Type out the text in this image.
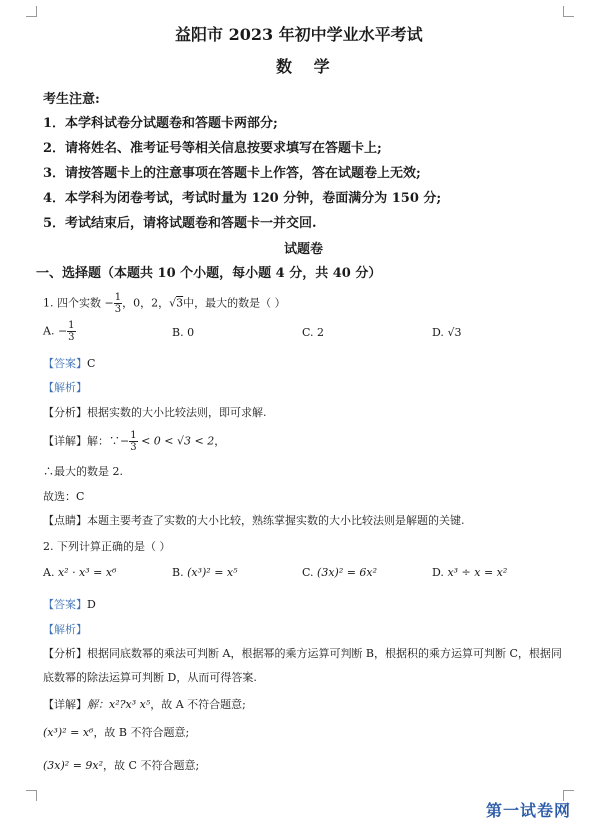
益阳市 2023 年初中学业水平考试
数 学
考生注意:
1．本学科试卷分试题卷和答题卡两部分;
2．请将姓名、准考证号等相关信息按要求填写在答题卡上;
3．请按答题卡上的注意事项在答题卡上作答，答在试题卷上无效;
4．本学科为闭卷考试，考试时量为 120 分钟，卷面满分为 150 分;
5．考试结束后，请将试题卷和答题卡一并交回.
试题卷
一、选择题（本题共 10 个小题，每小题 4 分，共 40 分）
1. 四个实数 − $\frac{1}{3}$ ，0，2，√3中，最大的数是（ ）
A. − $\frac{1}{3}$	B. 0	C. 2	D. √3
【答案】C
【解析】
【分析】根据实数的大小比较法则，即可求解.
【详解】解：∵− $\frac{1}{3} < 0 < √3 < 2$，
∴最大的数是 2.
故选：C
【点睛】本题主要考查了实数的大小比较，熟练掌握实数的大小比较法则是解题的关键.
2. 下列计算正确的是（ ）
A. x² · x³ = x⁶	B. (x³)² = x⁵	C. (3x)² = 6x²	D. x³ ÷ x = x²
【答案】D
【解析】
【分析】根据同底数幂的乘法可判断 A，根据幂的乘方运算可判断 B，根据积的乘方运算可判断 C，根据同
底数幂的除法运算可判断 D，从而可得答案.
【详解】解：x²?x³ x⁵，故 A 不符合题意;
(x³)² = x⁶，故 B 不符合题意;
(3x)² = 9x²，故 C 不符合题意;
第一试卷网
